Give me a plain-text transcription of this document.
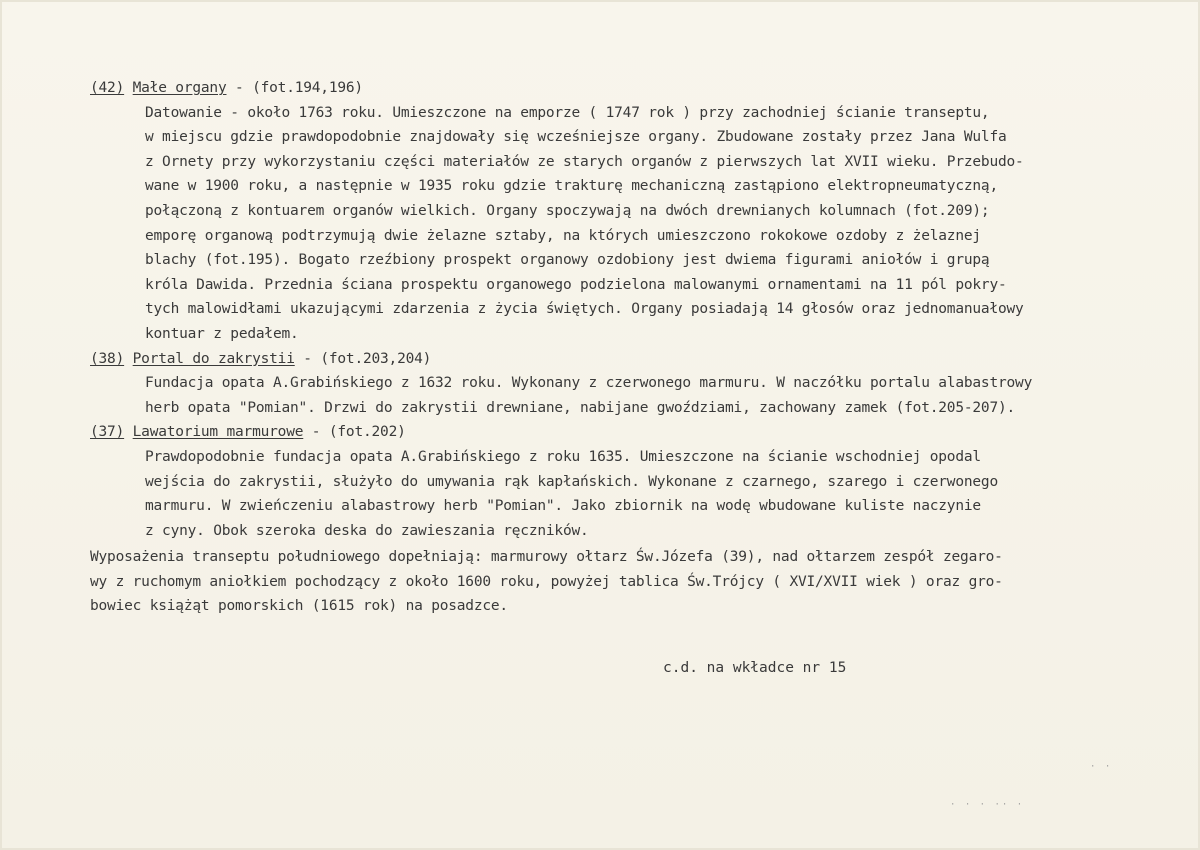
(42) Małe organy - (fot.194,196)

Datowanie - około 1763 roku. Umieszczone na emporze ( 1747 rok ) przy zachodniej ścianie transeptu,

w miejscu gdzie prawdopodobnie znajdowały się wcześniejsze organy. Zbudowane zostały przez Jana Wulfa

z Ornety przy wykorzystaniu części materiałów ze starych organów z pierwszych lat XVII wieku. Przebudo-

wane w 1900 roku, a następnie w 1935 roku gdzie trakturę mechaniczną zastąpiono elektropneumatyczną,

połączoną z kontuarem organów wielkich. Organy spoczywają na dwóch drewnianych kolumnach (fot.209);

emporę organową podtrzymują dwie żelazne sztaby, na których umieszczono rokokowe ozdoby z żelaznej

blachy (fot.195). Bogato rzeźbiony prospekt organowy ozdobiony jest dwiema figurami aniołów i grupą

króla Dawida. Przednia ściana prospektu organowego podzielona malowanymi ornamentami na 11 pól pokry-

tych malowidłami ukazującymi zdarzenia z życia świętych. Organy posiadają 14 głosów oraz jednomanuałowy

kontuar z pedałem.

(38) Portal do zakrystii - (fot.203,204)

Fundacja opata A.Grabińskiego z 1632 roku. Wykonany z czerwonego marmuru. W naczółku portalu alabastrowy

herb opata "Pomian". Drzwi do zakrystii drewniane, nabijane gwoździami, zachowany zamek (fot.205-207).

(37) Lawatorium marmurowe - (fot.202)

Prawdopodobnie fundacja opata A.Grabińskiego z roku 1635. Umieszczone na ścianie wschodniej opodal

wejścia do zakrystii, służyło do umywania rąk kapłańskich. Wykonane z czarnego, szarego i czerwonego

marmuru. W zwieńczeniu alabastrowy herb "Pomian". Jako zbiornik na wodę wbudowane kuliste naczynie

z cyny. Obok szeroka deska do zawieszania ręczników.

Wyposażenia transeptu południowego dopełniają: marmurowy ołtarz Św.Józefa (39), nad ołtarzem zespół zegaro-

wy z ruchomym aniołkiem pochodzący z około 1600 roku, powyżej tablica Św.Trójcy ( XVI/XVII wiek ) oraz gro-

bowiec książąt pomorskich (1615 rok) na posadzce.

c.d. na wkładce nr 15
· ·
· · · ·· ·
